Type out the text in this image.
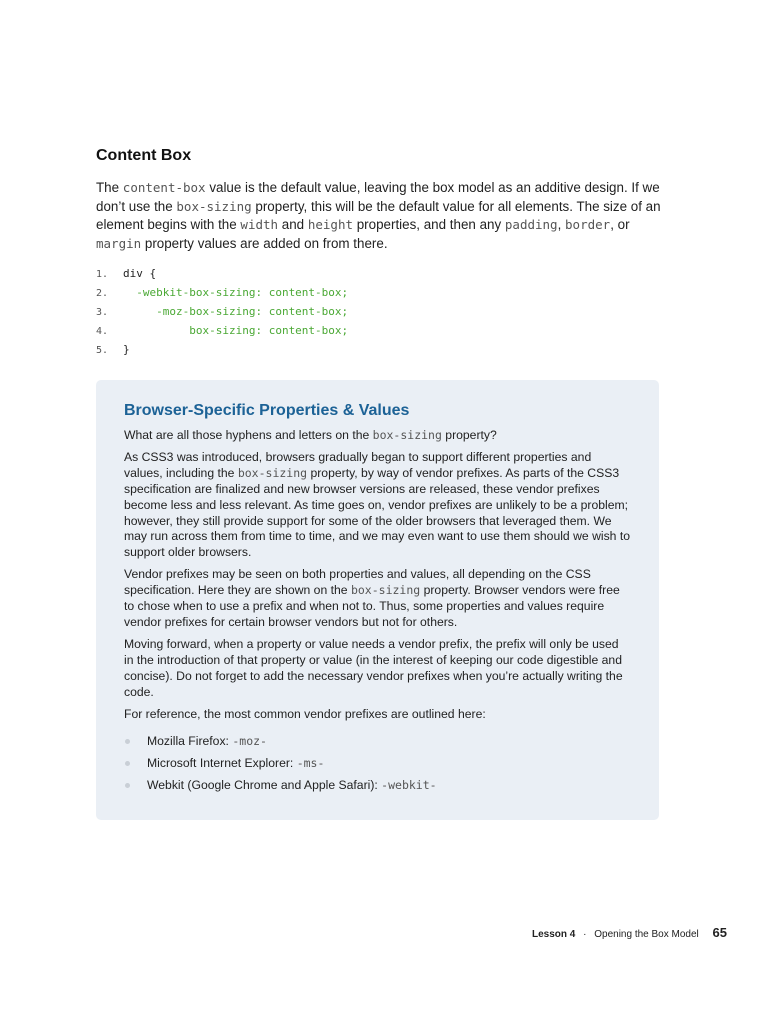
Content Box

The content-box value is the default value, leaving the box model as an additive design. If we don’t use the box-sizing property, this will be the default value for all elements. The size of an element begins with the width and height properties, and then any padding, border, or margin property values are added on from there.

1. div {
2.  -webkit-box-sizing: content-box;
3.     -moz-box-sizing: content-box;
4.          box-sizing: content-box;
5. }
Browser-Specific Properties & Values

What are all those hyphens and letters on the box-sizing property?

As CSS3 was introduced, browsers gradually began to support different properties and values, including the box-sizing property, by way of vendor prefixes. As parts of the CSS3 specification are finalized and new browser versions are released, these vendor prefixes become less and less relevant. As time goes on, vendor prefixes are unlikely to be a problem; however, they still provide support for some of the older browsers that leveraged them. We may run across them from time to time, and we may even want to use them should we wish to support older browsers.

Vendor prefixes may be seen on both properties and values, all depending on the CSS specification. Here they are shown on the box-sizing property. Browser vendors were free to chose when to use a prefix and when not to. Thus, some properties and values require vendor prefixes for certain browser vendors but not for others.

Moving forward, when a property or value needs a vendor prefix, the prefix will only be used in the introduction of that property or value (in the interest of keeping our code digestible and concise). Do not forget to add the necessary vendor prefixes when you’re actually writing the code.

For reference, the most common vendor prefixes are outlined here:

Mozilla Firefox: -moz-
Microsoft Internet Explorer: -ms-
Webkit (Google Chrome and Apple Safari): -webkit-
Lesson 4 · Opening the Box Model 65
